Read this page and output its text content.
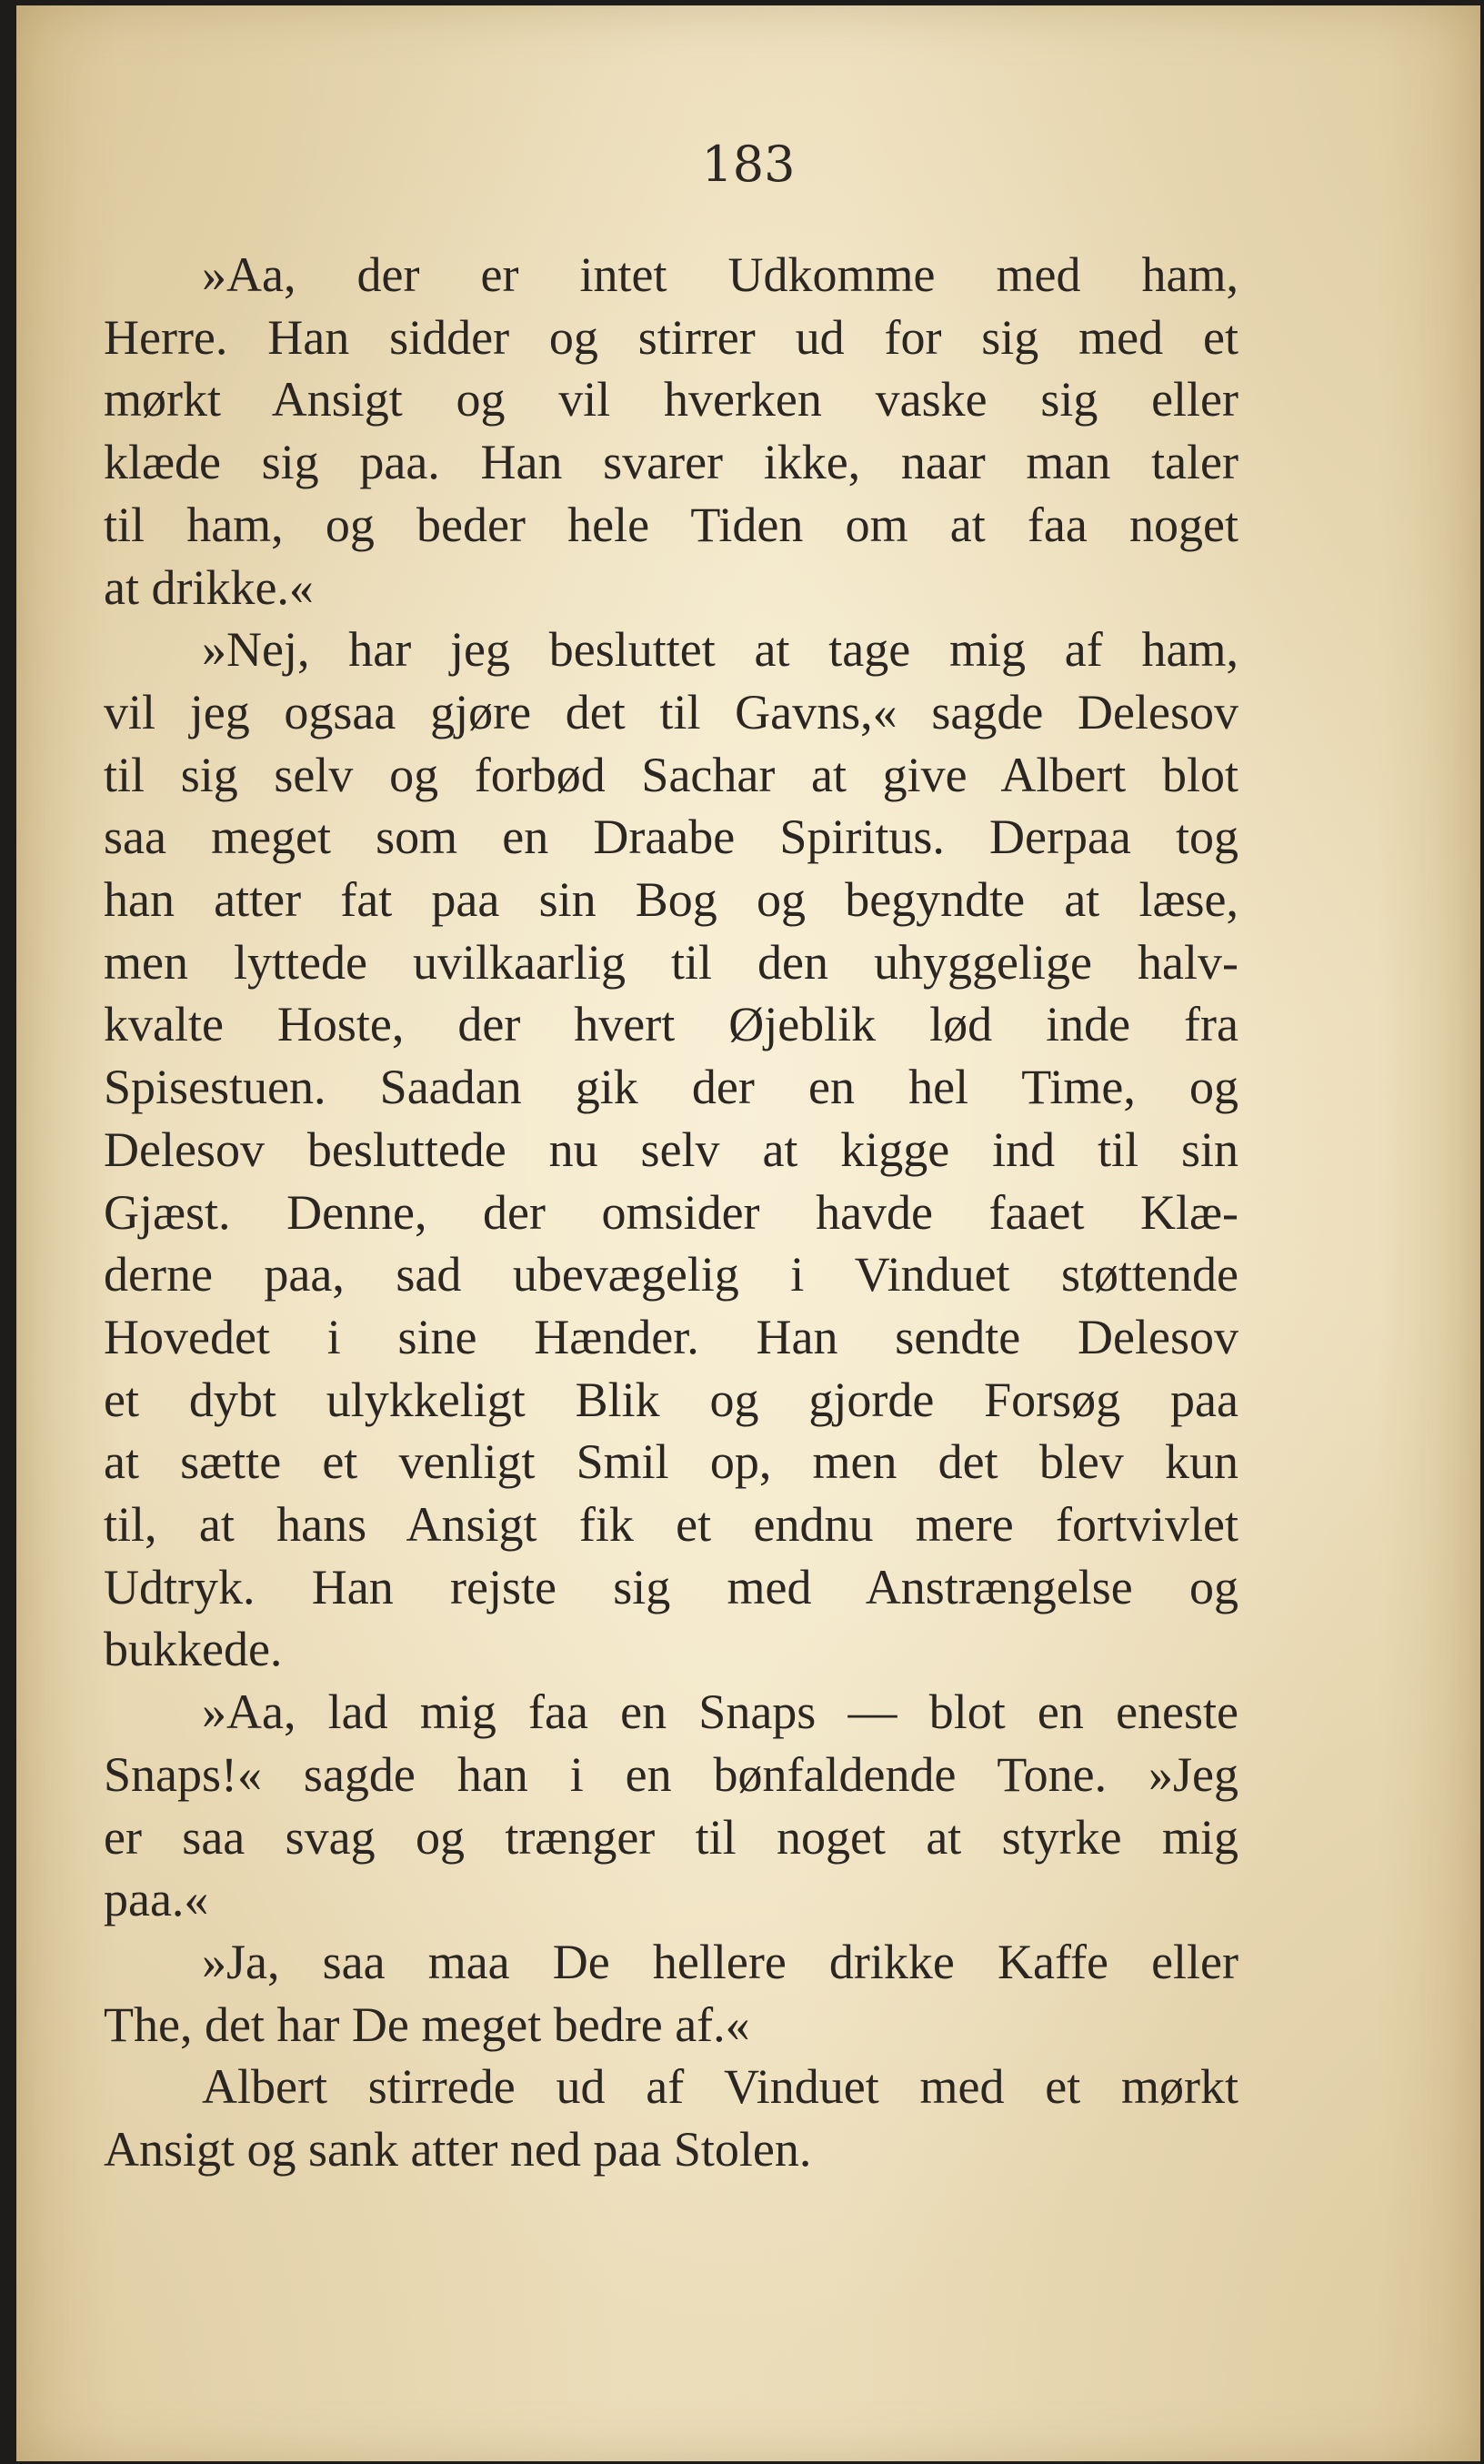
183

»Aa, der er intet Udkomme med ham,
Herre. Han sidder og stirrer ud for sig med et
mørkt Ansigt og vil hverken vaske sig eller
klæde sig paa. Han svarer ikke, naar man taler
til ham, og beder hele Tiden om at faa noget
at drikke.«

»Nej, har jeg besluttet at tage mig af ham,
vil jeg ogsaa gjøre det til Gavns,« sagde Delesov
til sig selv og forbød Sachar at give Albert blot
saa meget som en Draabe Spiritus. Derpaa tog
han atter fat paa sin Bog og begyndte at læse,
men lyttede uvilkaarlig til den uhyggelige halv-
kvalte Hoste, der hvert Øjeblik lød inde fra
Spisestuen. Saadan gik der en hel Time, og
Delesov besluttede nu selv at kigge ind til sin
Gjæst. Denne, der omsider havde faaet Klæ-
derne paa, sad ubevægelig i Vinduet støttende
Hovedet i sine Hænder. Han sendte Delesov
et dybt ulykkeligt Blik og gjorde Forsøg paa
at sætte et venligt Smil op, men det blev kun
til, at hans Ansigt fik et endnu mere fortvivlet
Udtryk. Han rejste sig med Anstrængelse og
bukkede.

»Aa, lad mig faa en Snaps — blot en eneste
Snaps!« sagde han i en bønfaldende Tone. »Jeg
er saa svag og trænger til noget at styrke mig
paa.«

»Ja, saa maa De hellere drikke Kaffe eller
The, det har De meget bedre af.«

Albert stirrede ud af Vinduet med et mørkt
Ansigt og sank atter ned paa Stolen.
